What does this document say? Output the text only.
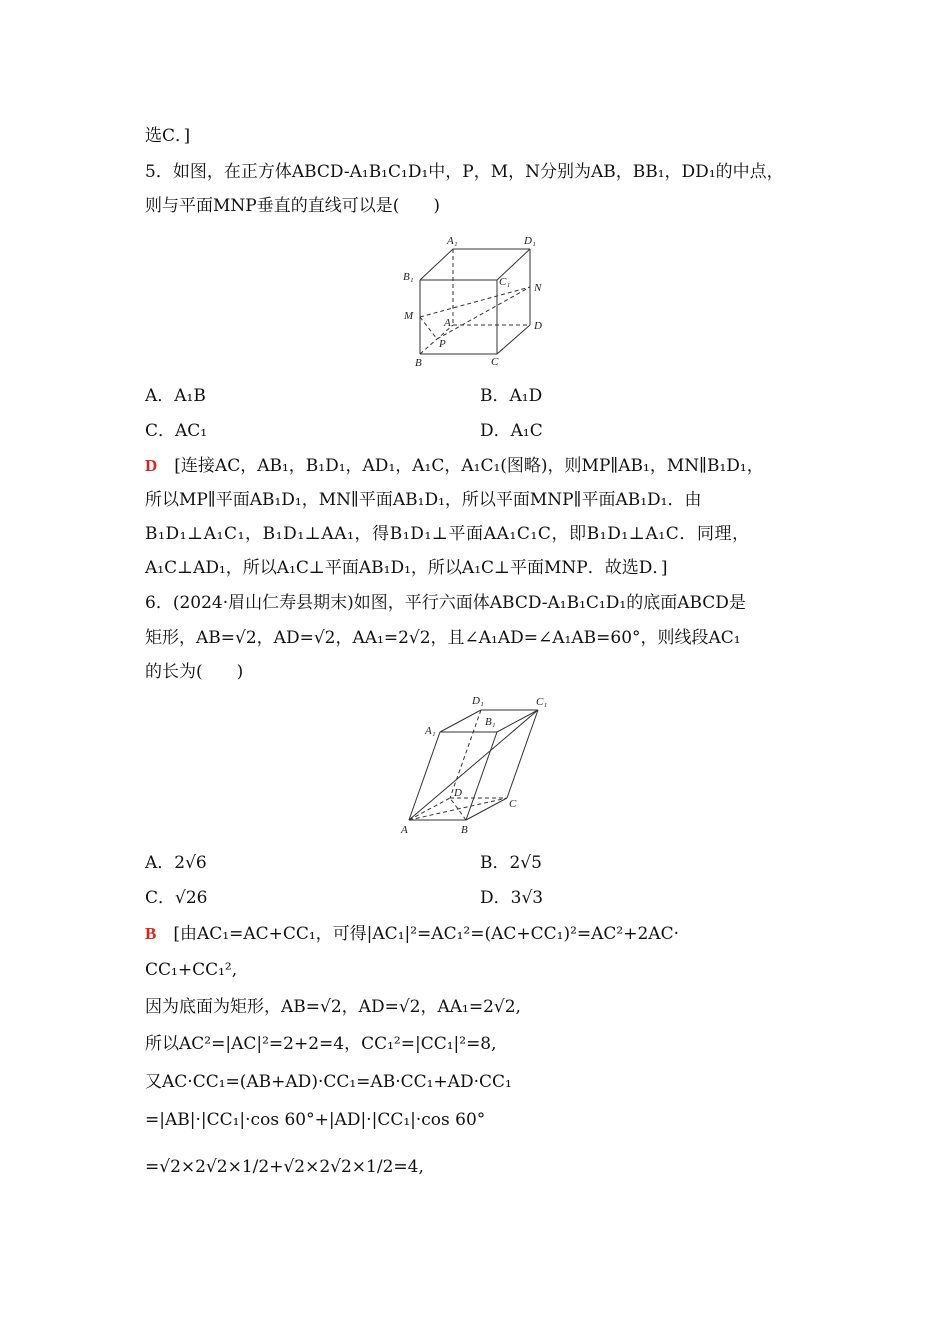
选C．]
5．如图，在正方体ABCD-A₁B₁C₁D₁中，P，M，N分别为AB，BB₁，DD₁的中点，
则与平面MNP垂直的直线可以是(　　)
A₁	D₁
B₁	C₁ N
M
A	D
P
B	C
A．A₁B	B．A₁D
C．AC₁	D．A₁C
D　[连接AC，AB₁，B₁D₁，AD₁，A₁C，A₁C₁(图略)，则MP∥AB₁，MN∥B₁D₁，
所以MP∥平面AB₁D₁，MN∥平面AB₁D₁，所以平面MNP∥平面AB₁D₁．由
B₁D₁⊥A₁C₁，B₁D₁⊥AA₁，得B₁D₁⊥平面AA₁C₁C，即B₁D₁⊥A₁C．同理，
A₁C⊥AD₁，所以A₁C⊥平面AB₁D₁，所以A₁C⊥平面MNP．故选D．]
6．(2024·眉山仁寿县期末)如图，平行六面体ABCD-A₁B₁C₁D₁的底面ABCD是
矩形，AB=√2，AD=√2，AA₁=2√2，且∠A₁AD=∠A₁AB=60°，则线段AC₁
的长为(　　)
D₁	C₁
B₁
A₁
D
C
A	B
A．2√6	B．2√5
C．√26	D．3√3
B　[由AC₁=AC+CC₁，可得|AC₁|²=AC₁²=(AC+CC₁)²=AC²+2AC·
CC₁+CC₁²,
因为底面为矩形，AB=√2，AD=√2，AA₁=2√2,
所以AC²=|AC|²=2+2=4，CC₁²=|CC₁|²=8,
又AC·CC₁=(AB+AD)·CC₁=AB·CC₁+AD·CC₁
=|AB|·|CC₁|·cos 60°+|AD|·|CC₁|·cos 60°
=√2×2√2×1/2+√2×2√2×1/2=4,
